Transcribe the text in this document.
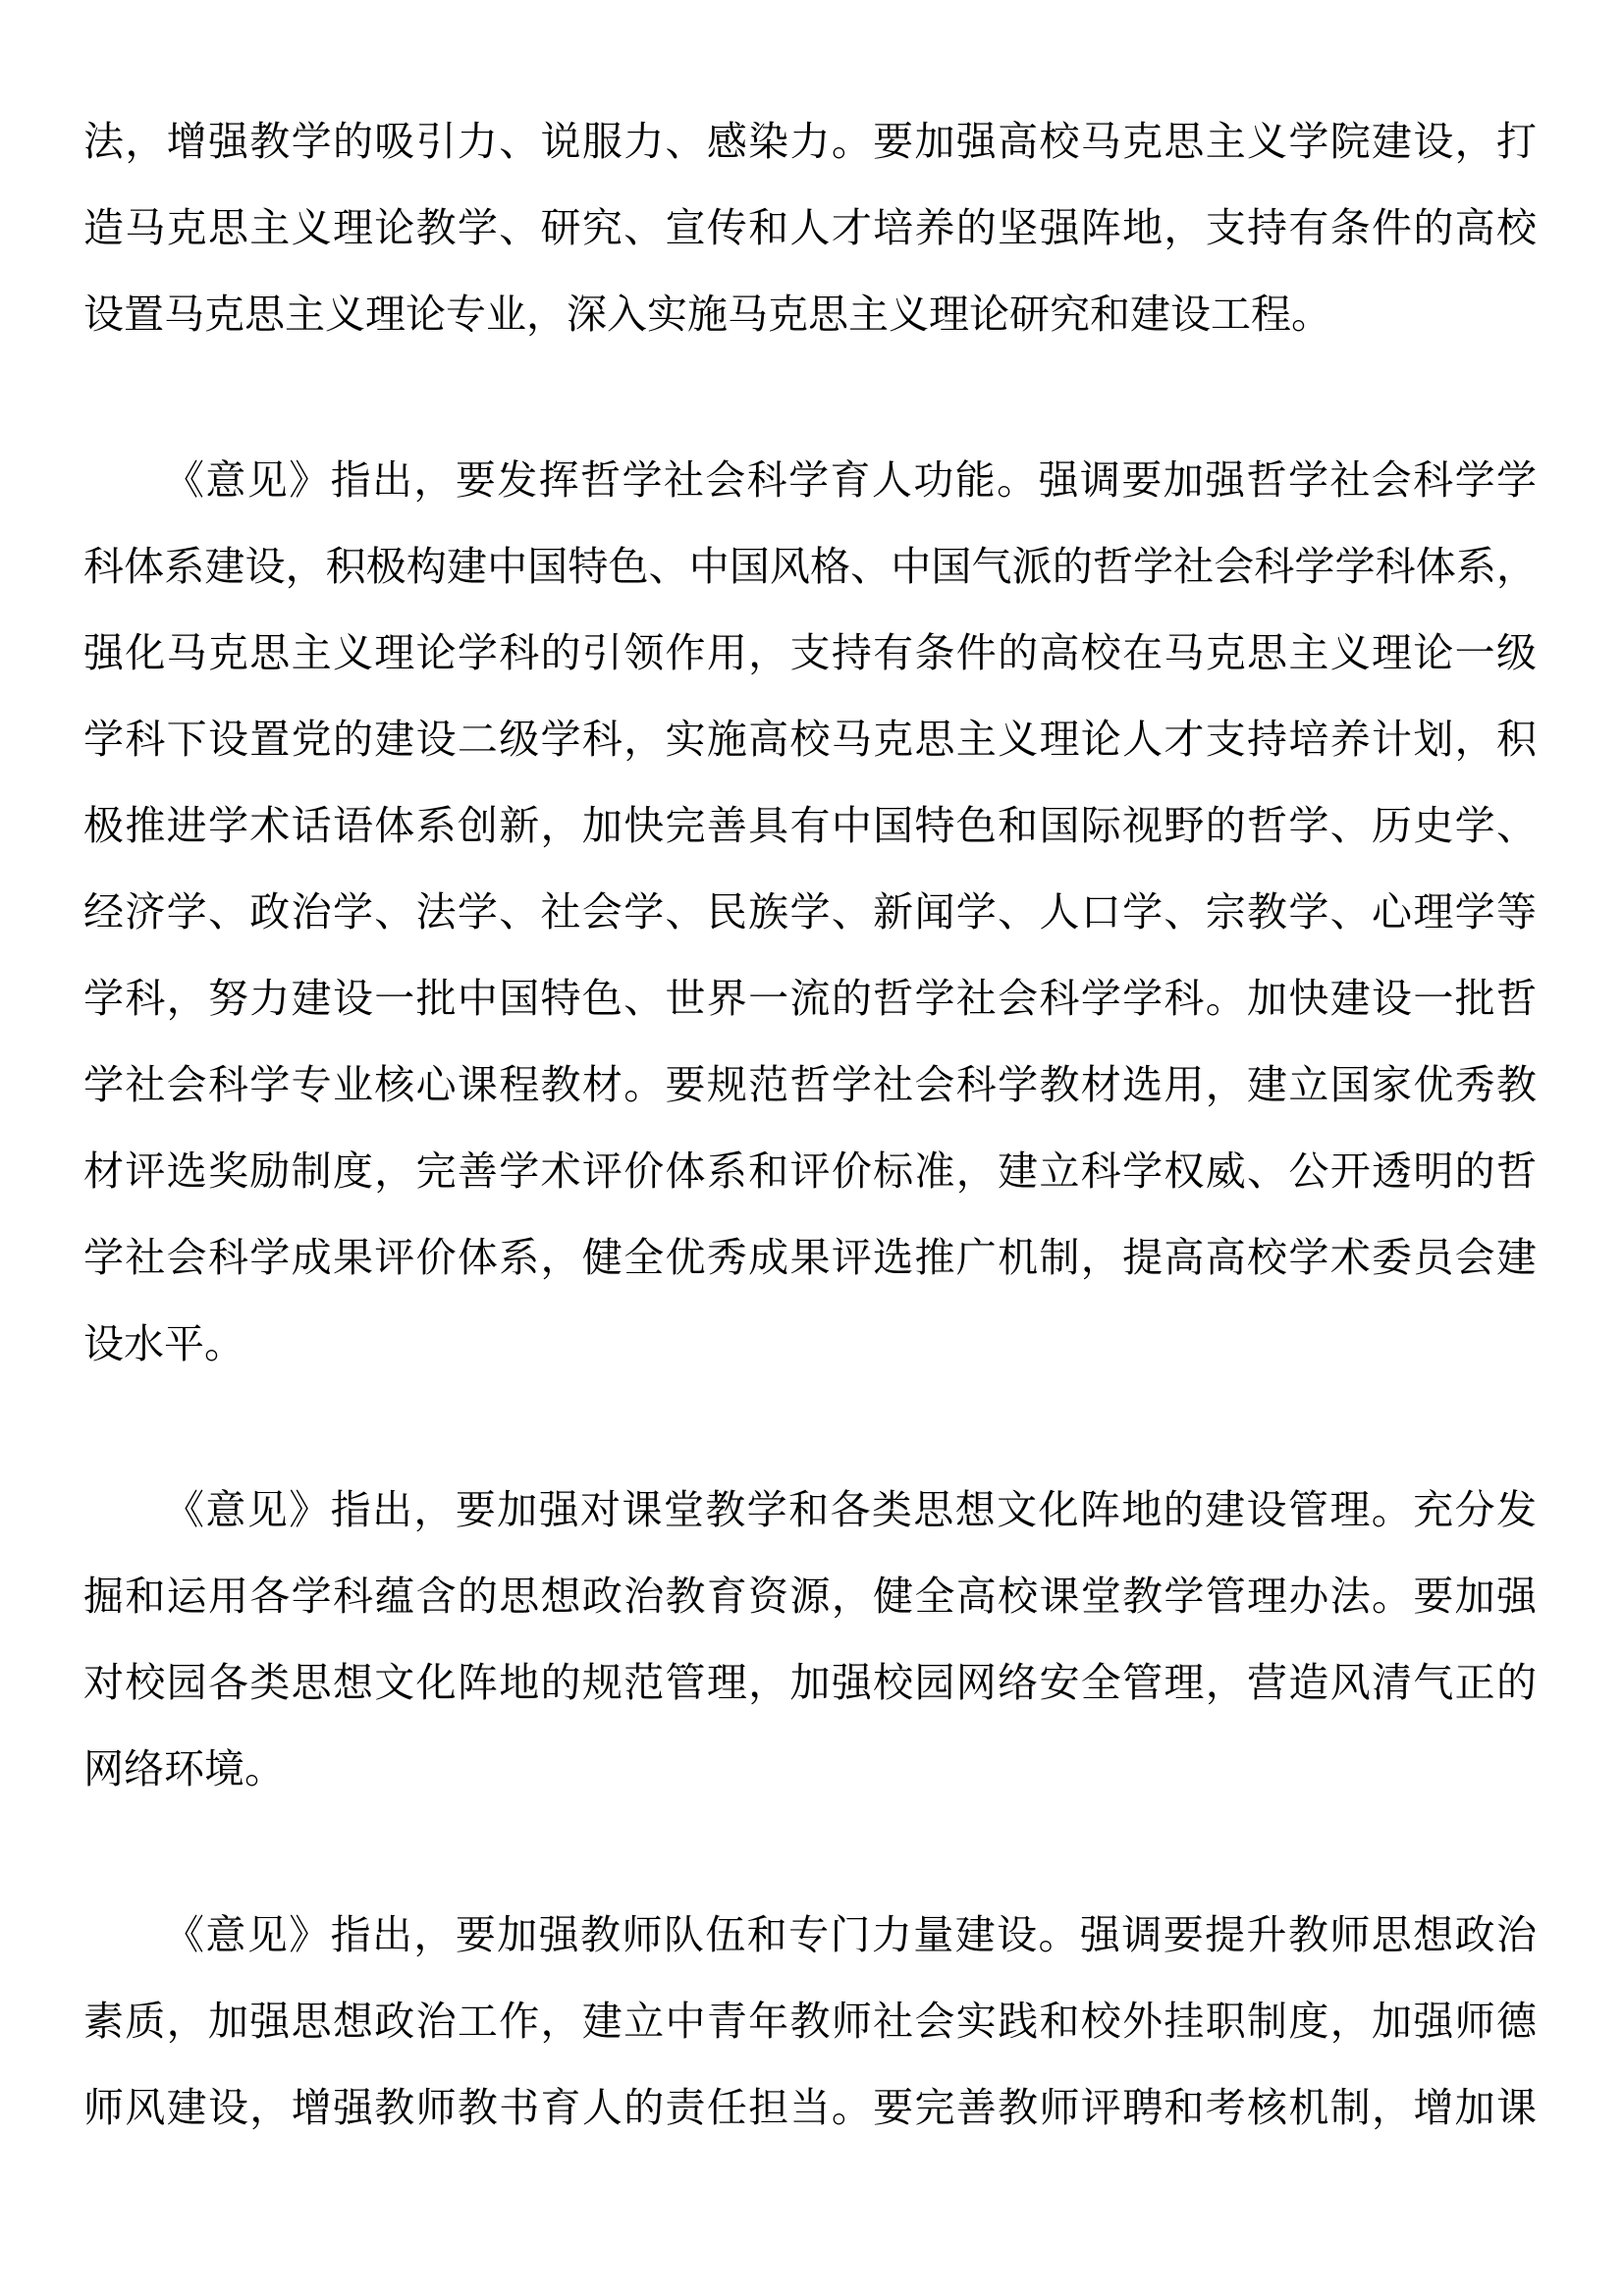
法，增强教学的吸引力、说服力、感染力。要加强高校马克思主义学院建设，打
造马克思主义理论教学、研究、宣传和人才培养的坚强阵地，支持有条件的高校
设置马克思主义理论专业，深入实施马克思主义理论研究和建设工程。
《意见》指出，要发挥哲学社会科学育人功能。强调要加强哲学社会科学学
科体系建设，积极构建中国特色、中国风格、中国气派的哲学社会科学学科体系，
强化马克思主义理论学科的引领作用，支持有条件的高校在马克思主义理论一级
学科下设置党的建设二级学科，实施高校马克思主义理论人才支持培养计划，积
极推进学术话语体系创新，加快完善具有中国特色和国际视野的哲学、历史学、
经济学、政治学、法学、社会学、民族学、新闻学、人口学、宗教学、心理学等
学科，努力建设一批中国特色、世界一流的哲学社会科学学科。加快建设一批哲
学社会科学专业核心课程教材。要规范哲学社会科学教材选用，建立国家优秀教
材评选奖励制度，完善学术评价体系和评价标准，建立科学权威、公开透明的哲
学社会科学成果评价体系，健全优秀成果评选推广机制，提高高校学术委员会建
设水平。
《意见》指出，要加强对课堂教学和各类思想文化阵地的建设管理。充分发
掘和运用各学科蕴含的思想政治教育资源，健全高校课堂教学管理办法。要加强
对校园各类思想文化阵地的规范管理，加强校园网络安全管理，营造风清气正的
网络环境。
《意见》指出，要加强教师队伍和专门力量建设。强调要提升教师思想政治
素质，加强思想政治工作，建立中青年教师社会实践和校外挂职制度，加强师德
师风建设，增强教师教书育人的责任担当。要完善教师评聘和考核机制，增加课
